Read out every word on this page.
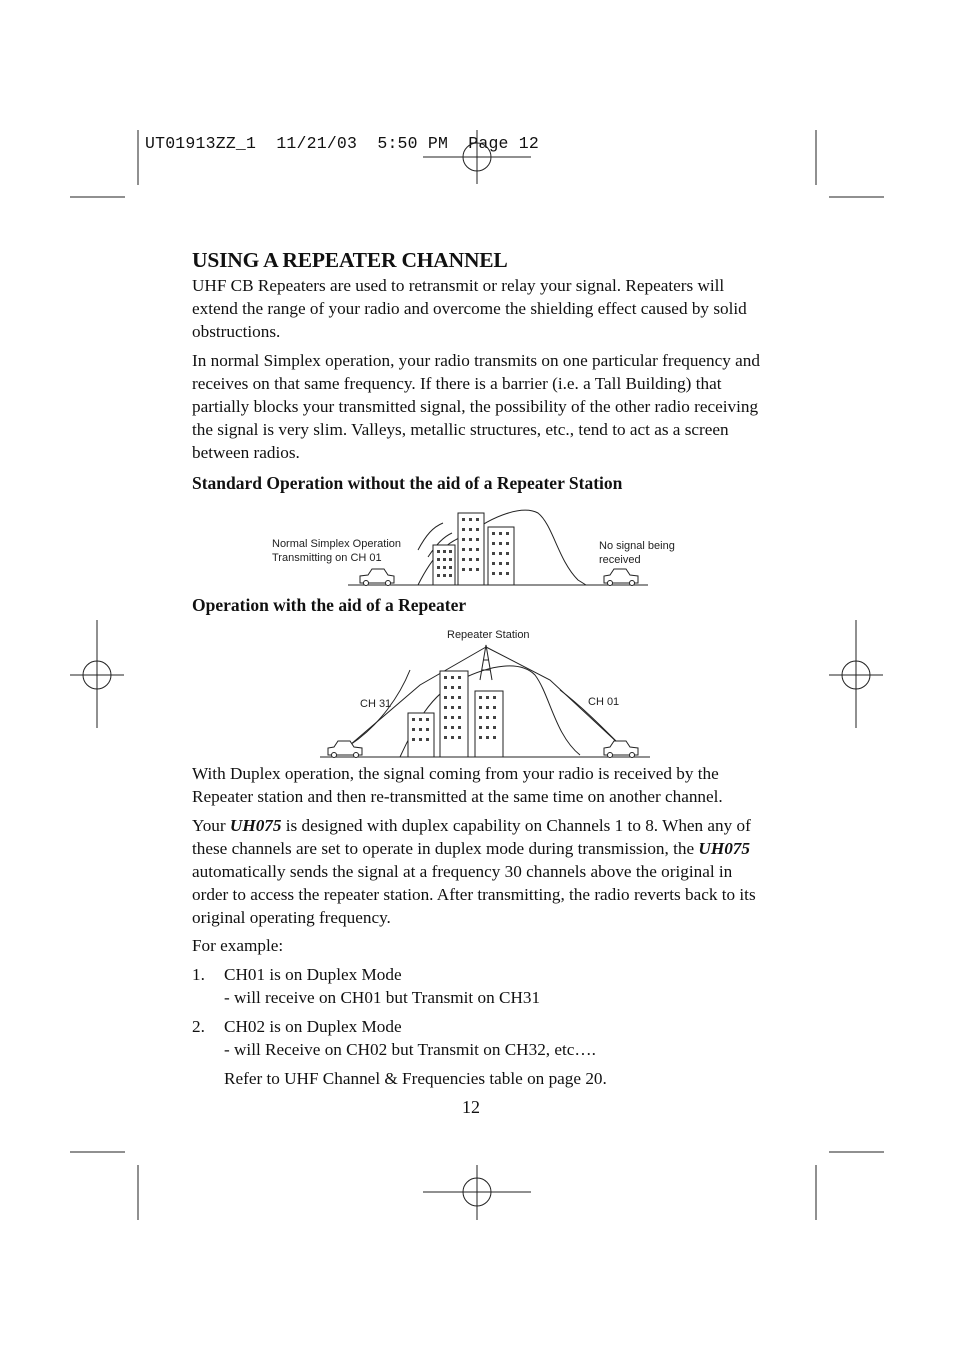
UT01913ZZ_1  11/21/03  5:50 PM  Page 12
USING A REPEATER CHANNEL

UHF CB Repeaters are used to retransmit or relay your signal. Repeaters will extend the range of your radio and overcome the shielding effect caused by solid obstructions.

In normal Simplex operation, your radio transmits on one particular frequency and receives on that same frequency. If there is a barrier (i.e. a Tall Building) that partially blocks your transmitted signal, the possibility of the other radio receiving the signal is very slim. Valleys, metallic structures, etc., tend to act as a screen between radios.

Standard Operation without the aid of a Repeater Station
Normal Simplex Operation
Transmitting on CH 01
No signal being
received
Operation with the aid of a Repeater
Repeater Station
CH 31	CH 01

With Duplex operation, the signal coming from your radio is received by the Repeater station and then re-transmitted at the same time on another channel.

Your UH075 is designed with duplex capability on Channels 1 to 8. When any of these channels are set to operate in duplex mode during transmission, the UH075 automatically sends the signal at a frequency 30 channels above the original in order to access the repeater station. After transmitting, the radio reverts back to its original operating frequency.

For example:

1. CH01 is on Duplex Mode
- will receive on CH01 but Transmit on CH31
2. CH02 is on Duplex Mode
- will Receive on CH02 but Transmit on CH32, etc….

Refer to UHF Channel & Frequencies table on page 20.

12
